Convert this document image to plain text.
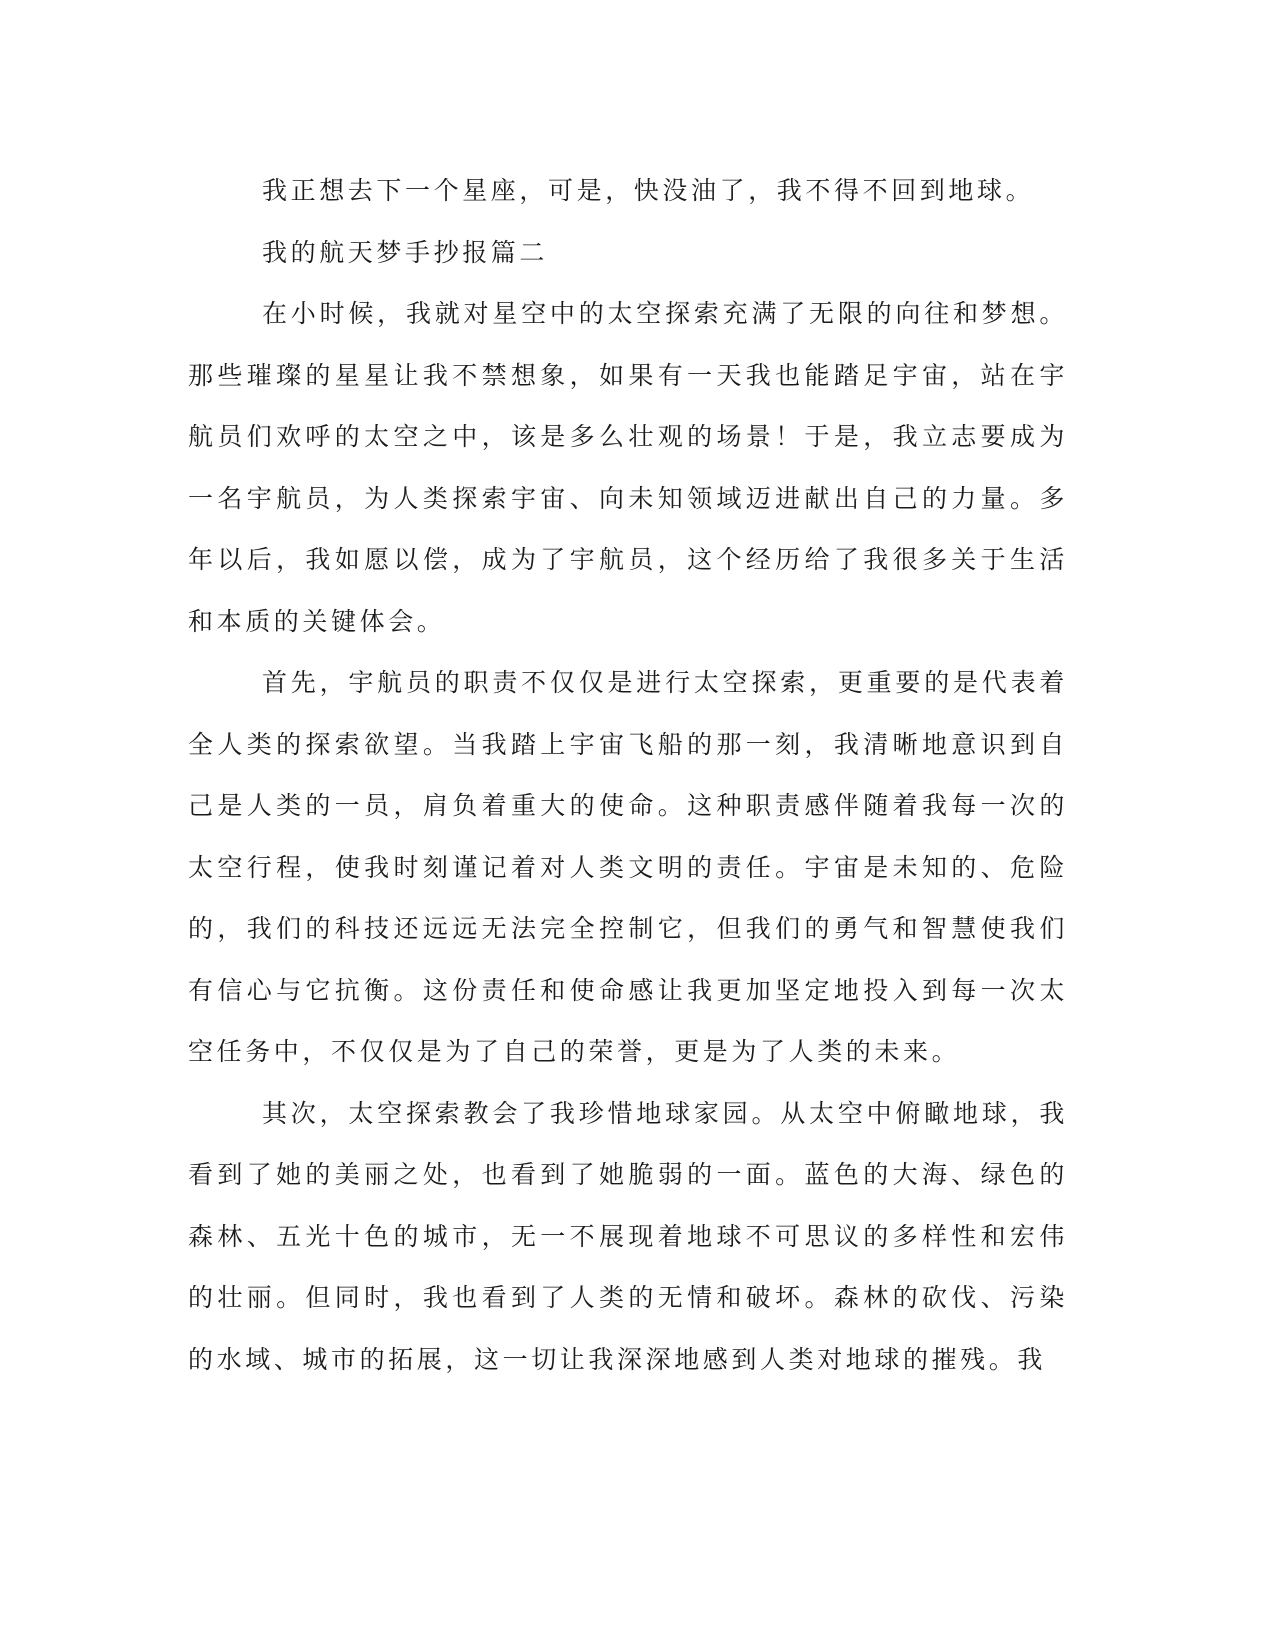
我正想去下一个星座，可是，快没油了，我不得不回到地球。

我的航天梦手抄报篇二

在小时候，我就对星空中的太空探索充满了无限的向往和梦想。那些璀璨的星星让我不禁想象，如果有一天我也能踏足宇宙，站在宇航员们欢呼的太空之中，该是多么壮观的场景！于是，我立志要成为一名宇航员，为人类探索宇宙、向未知领域迈进献出自己的力量。多年以后，我如愿以偿，成为了宇航员，这个经历给了我很多关于生活和本质的关键体会。

首先，宇航员的职责不仅仅是进行太空探索，更重要的是代表着全人类的探索欲望。当我踏上宇宙飞船的那一刻，我清晰地意识到自己是人类的一员，肩负着重大的使命。这种职责感伴随着我每一次的太空行程，使我时刻谨记着对人类文明的责任。宇宙是未知的、危险的，我们的科技还远远无法完全控制它，但我们的勇气和智慧使我们有信心与它抗衡。这份责任和使命感让我更加坚定地投入到每一次太空任务中，不仅仅是为了自己的荣誉，更是为了人类的未来。

其次，太空探索教会了我珍惜地球家园。从太空中俯瞰地球，我看到了她的美丽之处，也看到了她脆弱的一面。蓝色的大海、绿色的森林、五光十色的城市，无一不展现着地球不可思议的多样性和宏伟的壮丽。但同时，我也看到了人类的无情和破坏。森林的砍伐、污染的水域、城市的拓展，这一切让我深深地感到人类对地球的摧残。我
